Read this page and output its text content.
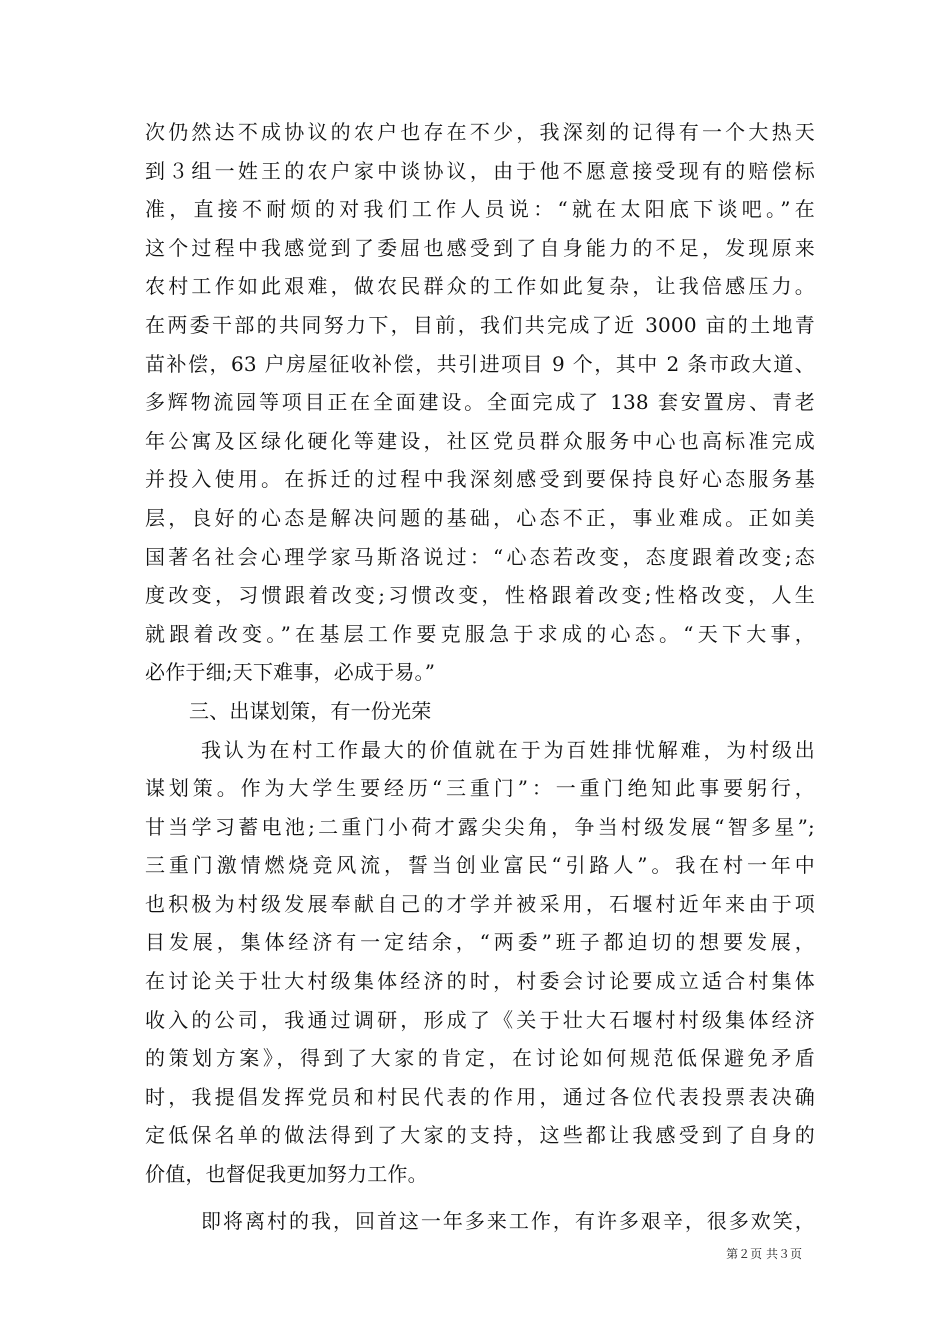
次仍然达不成协议的农户也存在不少，我深刻的记得有一个大热天
到３组一姓王的农户家中谈协议，由于他不愿意接受现有的赔偿标
准，直接不耐烦的对我们工作人员说：“就在太阳底下谈吧。”在
这个过程中我感觉到了委屈也感受到了自身能力的不足，发现原来
农村工作如此艰难，做农民群众的工作如此复杂，让我倍感压力。
在两委干部的共同努力下，目前，我们共完成了近 3000 亩的土地青
苗补偿，63 户房屋征收补偿，共引进项目 9 个，其中 2 条市政大道、
多辉物流园等项目正在全面建设。全面完成了 138 套安置房、青老
年公寓及区绿化硬化等建设，社区党员群众服务中心也高标准完成
并投入使用。在拆迁的过程中我深刻感受到要保持良好心态服务基
层，良好的心态是解决问题的基础，心态不正，事业难成。正如美
国著名社会心理学家马斯洛说过：“心态若改变，态度跟着改变;态
度改变，习惯跟着改变;习惯改变，性格跟着改变;性格改变，人生
就跟着改变。”在基层工作要克服急于求成的心态。“天下大事，
必作于细;天下难事，必成于易。”
三、出谋划策，有一份光荣
我认为在村工作最大的价值就在于为百姓排忧解难，为村级出
谋划策。作为大学生要经历“三重门”：一重门绝知此事要躬行，
甘当学习蓄电池;二重门小荷才露尖尖角，争当村级发展“智多星”;
三重门激情燃烧竞风流，誓当创业富民“引路人”。我在村一年中
也积极为村级发展奉献自己的才学并被采用，石堰村近年来由于项
目发展，集体经济有一定结余，“两委”班子都迫切的想要发展，
在讨论关于壮大村级集体经济的时，村委会讨论要成立适合村集体
收入的公司，我通过调研，形成了《关于壮大石堰村村级集体经济
的策划方案》，得到了大家的肯定，在讨论如何规范低保避免矛盾
时，我提倡发挥党员和村民代表的作用，通过各位代表投票表决确
定低保名单的做法得到了大家的支持，这些都让我感受到了自身的
价值，也督促我更加努力工作。
即将离村的我，回首这一年多来工作，有许多艰辛，很多欢笑，
第２页 共３页
